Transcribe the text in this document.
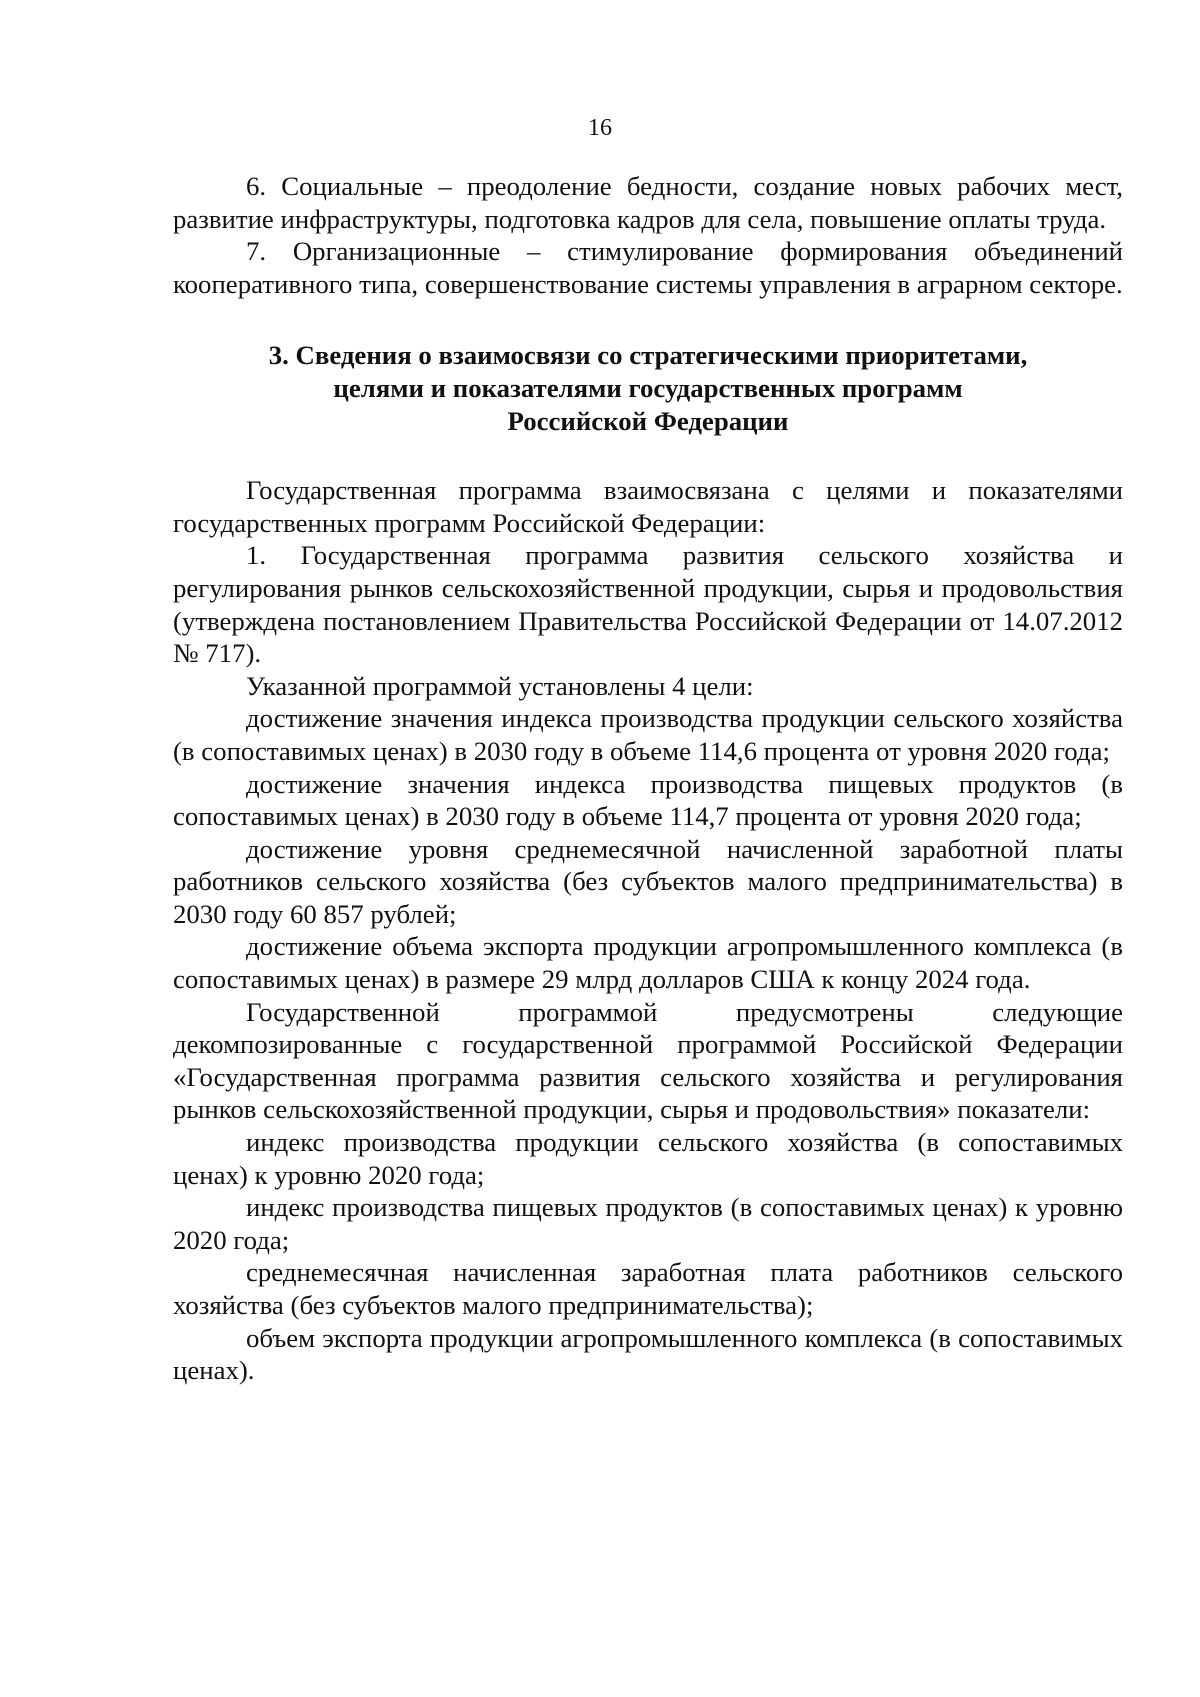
16

6. Социальные – преодоление бедности, создание новых рабочих мест, развитие инфраструктуры, подготовка кадров для села, повышение оплаты труда.

7. Организационные – стимулирование формирования объединений кооперативного типа, совершенствование системы управления в аграрном секторе.

3. Сведения о взаимосвязи со стратегическими приоритетами,
целями и показателями государственных программ
Российской Федерации

Государственная программа взаимосвязана с целями и показателями государственных программ Российской Федерации:

1. Государственная программа развития сельского хозяйства и регулирования рынков сельскохозяйственной продукции, сырья и продовольствия (утверждена постановлением Правительства Российской Федерации от 14.07.2012 № 717).

Указанной программой установлены 4 цели:

достижение значения индекса производства продукции сельского хозяйства (в сопоставимых ценах) в 2030 году в объеме 114,6 процента от уровня 2020 года;

достижение значения индекса производства пищевых продуктов (в сопоставимых ценах) в 2030 году в объеме 114,7 процента от уровня 2020 года;

достижение уровня среднемесячной начисленной заработной платы работников сельского хозяйства (без субъектов малого предпринимательства) в 2030 году 60 857 рублей;

достижение объема экспорта продукции агропромышленного комплекса (в сопоставимых ценах) в размере 29 млрд долларов США к концу 2024 года.

Государственной программой предусмотрены следующие декомпозированные с государственной программой Российской Федерации «Государственная программа развития сельского хозяйства и регулирования рынков сельскохозяйственной продукции, сырья и продовольствия» показатели:

индекс производства продукции сельского хозяйства (в сопоставимых ценах) к уровню 2020 года;

индекс производства пищевых продуктов (в сопоставимых ценах) к уровню 2020 года;

среднемесячная начисленная заработная плата работников сельского хозяйства (без субъектов малого предпринимательства);

объем экспорта продукции агропромышленного комплекса (в сопоставимых ценах).
